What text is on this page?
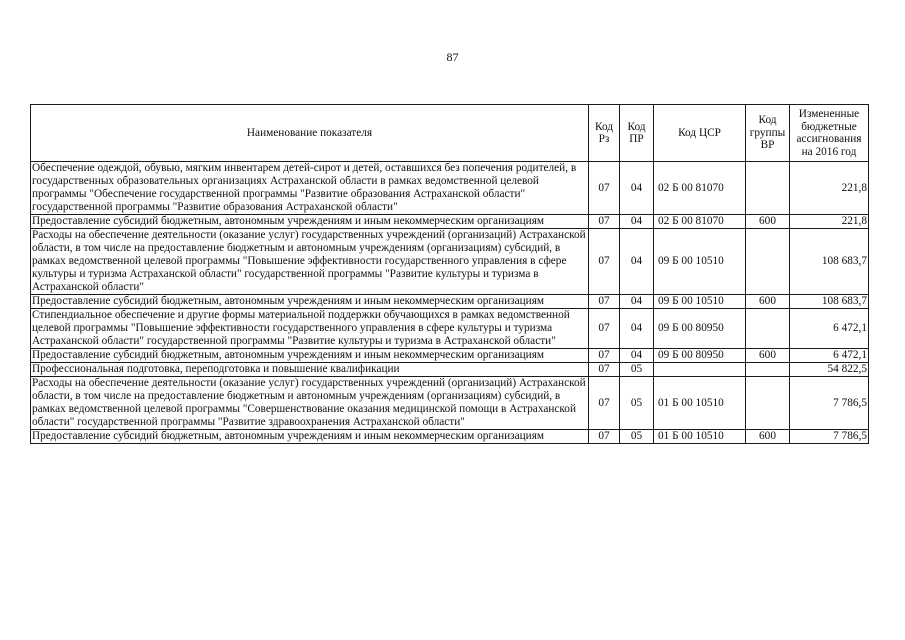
87
Наименование показателя	Код Рз	Код ПР	Код ЦСР	Код группы ВР	Измененные бюджетные ассигнования на 2016 год
Обеспечение одеждой, обувью, мягким инвентарем детей-сирот и детей, оставшихся без попечения родителей, в государственных образовательных организациях Астраханской области в рамках ведомственной целевой программы "Обеспечение государственной программы "Развитие образования Астраханской области" государственной программы "Развитие образования Астраханской области"	07	04	02 Б 00 81070		221,8
Предоставление субсидий бюджетным, автономным учреждениям и иным некоммерческим организациям	07	04	02 Б 00 81070	600	221,8
Расходы на обеспечение деятельности (оказание услуг) государственных учреждений (организаций) Астраханской области, в том числе на предоставление бюджетным и автономным учреждениям (организациям) субсидий, в рамках ведомственной целевой программы "Повышение эффективности государственного управления в сфере культуры и туризма Астраханской области" государственной программы "Развитие культуры и туризма в Астраханской области"	07	04	09 Б 00 10510		108 683,7
Предоставление субсидий бюджетным, автономным учреждениям и иным некоммерческим организациям	07	04	09 Б 00 10510	600	108 683,7
Стипендиальное обеспечение и другие формы материальной поддержки обучающихся в рамках ведомственной целевой программы "Повышение эффективности государственного управления в сфере культуры и туризма Астраханской области" государственной программы "Развитие культуры и туризма в Астраханской области"	07	04	09 Б 00 80950		6 472,1
Предоставление субсидий бюджетным, автономным учреждениям и иным некоммерческим организациям	07	04	09 Б 00 80950	600	6 472,1
Профессиональная подготовка, переподготовка и повышение квалификации	07	05			54 822,5
Расходы на обеспечение деятельности (оказание услуг) государственных учреждений (организаций) Астраханской области, в том числе на предоставление бюджетным и автономным учреждениям (организациям) субсидий, в рамках ведомственной целевой программы "Совершенствование оказания медицинской помощи в Астраханской области" государственной программы "Развитие здравоохранения Астраханской области"	07	05	01 Б 00 10510		7 786,5
Предоставление субсидий бюджетным, автономным учреждениям и иным некоммерческим организациям	07	05	01 Б 00 10510	600	7 786,5
